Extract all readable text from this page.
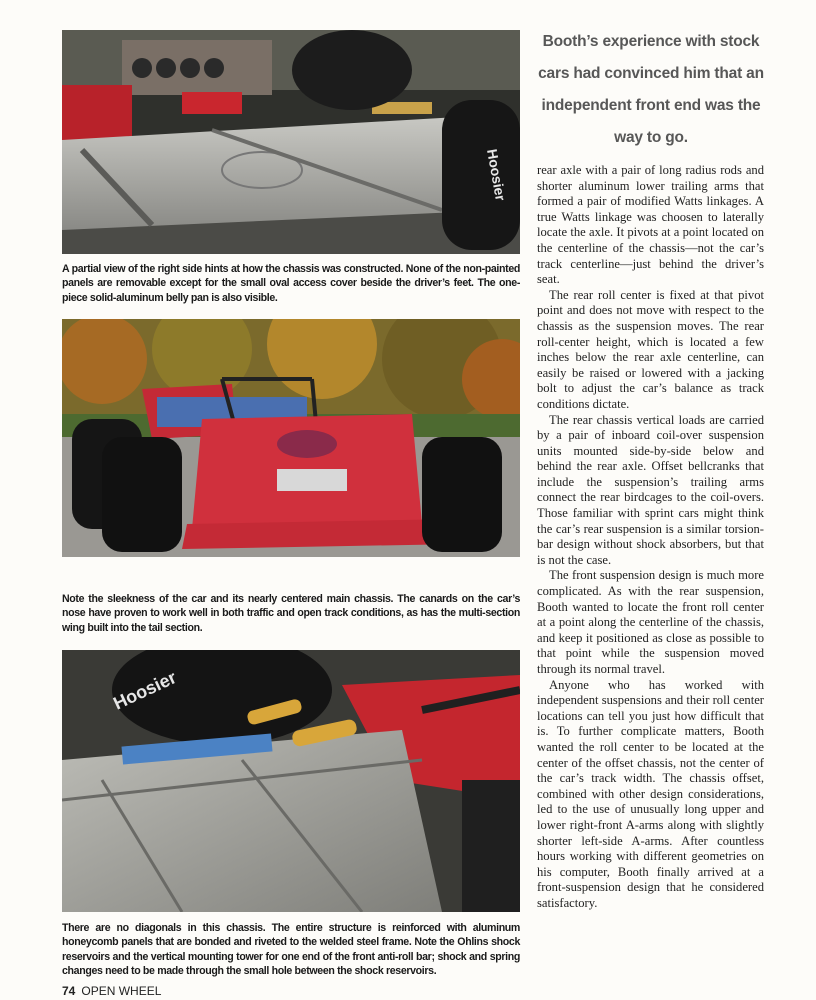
Hoosier

A partial view of the right side hints at how the chassis was constructed. None of the non-painted panels are removable except for the small oval access cover beside the driver’s feet. The one-piece solid-aluminum belly pan is also visible.

Note the sleekness of the car and its nearly centered main chassis. The canards on the car’s nose have proven to work well in both traffic and open track conditions, as has the multi-section wing built into the tail section.

Hoosier

There are no diagonals in this chassis. The entire structure is reinforced with aluminum honeycomb panels that are bonded and riveted to the welded steel frame. Note the Ohlins shock reservoirs and the vertical mounting tower for one end of the front anti-roll bar; shock and spring changes need to be made through the small hole between the shock reservoirs.

Booth’s experience with stock cars had convinced him that an independent front end was the way to go.

rear axle with a pair of long radius rods and shorter aluminum lower trailing arms that formed a pair of modified Watts linkages. A true Watts linkage was choosen to laterally locate the axle. It pivots at a point located on the centerline of the chassis—not the car’s track centerline—just behind the driver’s seat.

The rear roll center is fixed at that pivot point and does not move with respect to the chassis as the suspension moves. The rear roll-center height, which is located a few inches below the rear axle centerline, can easily be raised or lowered with a jacking bolt to adjust the car’s balance as track conditions dictate.

The rear chassis vertical loads are carried by a pair of inboard coil-over suspension units mounted side-by-side below and behind the rear axle. Offset bellcranks that include the suspension’s trailing arms connect the rear birdcages to the coil-overs. Those familiar with sprint cars might think the car’s rear suspension is a similar torsion-bar design without shock absorbers, but that is not the case.

The front suspension design is much more complicated. As with the rear suspension, Booth wanted to locate the front roll center at a point along the centerline of the chassis, and keep it positioned as close as possible to that point while the suspension moved through its normal travel.

Anyone who has worked with independent suspensions and their roll center locations can tell you just how difficult that is. To further complicate matters, Booth wanted the roll center to be located at the center of the offset chassis, not the center of the car’s track width. The chassis offset, combined with other design considerations, led to the use of unusually long upper and lower right-front A-arms along with slightly shorter left-side A-arms. After countless hours working with different geometries on his computer, Booth finally arrived at a front-suspension design that he considered satisfactory.

74 OPEN WHEEL
